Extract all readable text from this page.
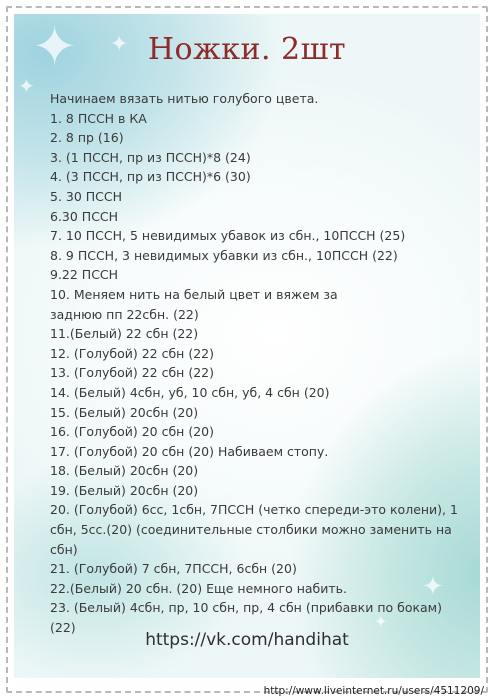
✦ ✦
✦
✦
✦
Ножки. 2шт
Начинаем вязать нитью голубого цвета.
1. 8 ПССН в КА
2. 8 пр (16)
3. (1 ПССН, пр из ПССН)*8 (24)
4. (3 ПССН, пр из ПССН)*6 (30)
5. 30 ПССН
6.30 ПССН
7. 10 ПССН, 5 невидимых убавок из сбн., 10ПССН (25)
8. 9 ПССН, 3 невидимых убавки из сбн., 10ПССН (22)
9.22 ПССН
10. Меняем нить на белый цвет и вяжем за
заднюю пп 22сбн. (22)
11.(Белый) 22 сбн (22)
12. (Голубой) 22 сбн (22)
13. (Голубой) 22 сбн (22)
14. (Белый) 4сбн, уб, 10 сбн, уб, 4 сбн (20)
15. (Белый) 20сбн (20)
16. (Голубой) 20 сбн (20)
17. (Голубой) 20 сбн (20) Набиваем стопу.
18. (Белый) 20сбн (20)
19. (Белый) 20сбн (20)
20. (Голубой) 6сс, 1сбн, 7ПССН (четко спереди-это колени), 1
сбн, 5сс.(20) (соединительные столбики можно заменить на
сбн)
21. (Голубой) 7 сбн, 7ПССН, 6сбн (20)
22.(Белый) 20 сбн. (20) Еще немного набить.
23. (Белый) 4сбн, пр, 10 сбн, пр, 4 сбн (прибавки по бокам) (22)
https://vk.com/handihat
http://www.liveinternet.ru/users/4511209/
